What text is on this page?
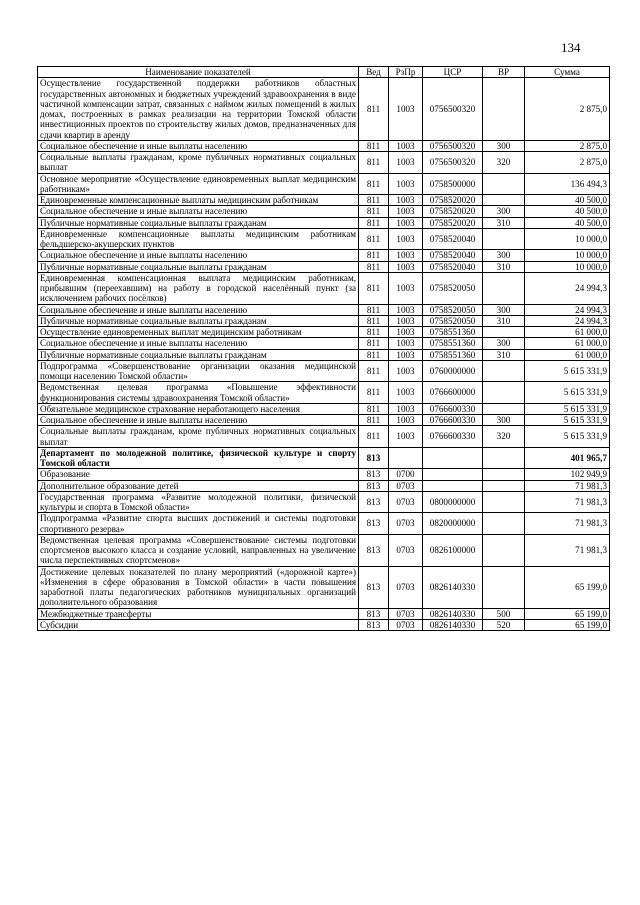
134
Наименование показателей	Вед	РзПр	ЦСР	ВР	Сумма
Осуществление государственной поддержки работников областных государственных автономных и бюджетных учреждений здравоохранения в виде частичной компенсации затрат, связанных с наймом жилых помещений в жилых домах, построенных в рамках реализации на территории Томской области инвестиционных проектов по строительству жилых домов, предназначенных для сдачи квартир в аренду	811	1003	0756500320		2 875,0
Социальное обеспечение и иные выплаты населению	811	1003	0756500320	300	2 875,0
Социальные выплаты гражданам, кроме публичных нормативных социальных выплат	811	1003	0756500320	320	2 875,0
Основное мероприятие «Осуществление единовременных выплат медицинским работникам»	811	1003	0758500000		136 494,3
Единовременные компенсационные выплаты медицинским работникам	811	1003	0758520020		40 500,0
Социальное обеспечение и иные выплаты населению	811	1003	0758520020	300	40 500,0
Публичные нормативные социальные выплаты гражданам	811	1003	0758520020	310	40 500,0
Единовременные компенсационные выплаты медицинским работникам фельдшерско-акушерских пунктов	811	1003	0758520040		10 000,0
Социальное обеспечение и иные выплаты населению	811	1003	0758520040	300	10 000,0
Публичные нормативные социальные выплаты гражданам	811	1003	0758520040	310	10 000,0
Единовременная компенсационная выплата медицинским работникам, прибывшим (переехавшим) на работу в городской населённый пункт (за исключением рабочих посёлков)	811	1003	0758520050		24 994,3
Социальное обеспечение и иные выплаты населению	811	1003	0758520050	300	24 994,3
Публичные нормативные социальные выплаты гражданам	811	1003	0758520050	310	24 994,3
Осуществление единовременных выплат медицинским работникам	811	1003	0758551360		61 000,0
Социальное обеспечение и иные выплаты населению	811	1003	0758551360	300	61 000,0
Публичные нормативные социальные выплаты гражданам	811	1003	0758551360	310	61 000,0
Подпрограмма «Совершенствование организации оказания медицинской помощи населению Томской области»	811	1003	0760000000		5 615 331,9
Ведомственная целевая программа «Повышение эффективности функционирования системы здравоохранения Томской области»	811	1003	0766600000		5 615 331,9
Обязательное медицинское страхование неработающего населения	811	1003	0766600330		5 615 331,9
Социальное обеспечение и иные выплаты населению	811	1003	0766600330	300	5 615 331,9
Социальные выплаты гражданам, кроме публичных нормативных социальных выплат	811	1003	0766600330	320	5 615 331,9
Департамент по молодежной политике, физической культуре и спорту Томской области	813				401 965,7
Образование	813	0700			102 949,9
Дополнительное образование детей	813	0703			71 981,3
Государственная программа «Развитие молодежной политики, физической культуры и спорта в Томской области»	813	0703	0800000000		71 981,3
Подпрограмма «Развитие спорта высших достижений и системы подготовки спортивного резерва»	813	0703	0820000000		71 981,3
Ведомственная целевая программа «Совершенствование системы подготовки спортсменов высокого класса и создание условий, направленных на увеличение числа перспективных спортсменов»	813	0703	0826100000		71 981,3
Достижение целевых показателей по плану мероприятий («дорожной карте») «Изменения в сфере образования в Томской области» в части повышения заработной платы педагогических работников муниципальных организаций дополнительного образования	813	0703	0826140330		65 199,0
Межбюджетные трансферты	813	0703	0826140330	500	65 199,0
Субсидии	813	0703	0826140330	520	65 199,0
